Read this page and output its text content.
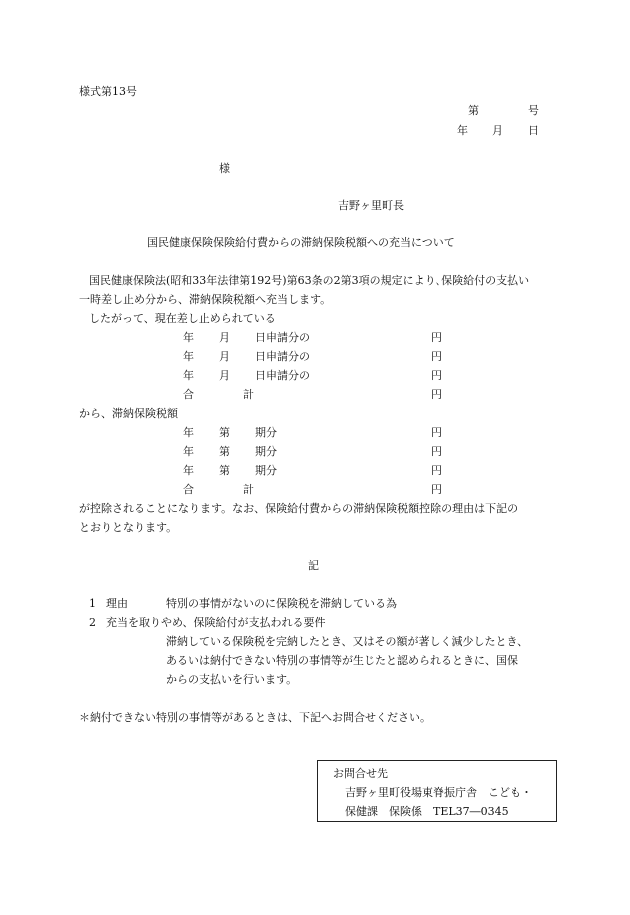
様式第13号
第	号
年 月 日
様
吉野ヶ里町長
国民健康保険保険給付費からの滞納保険税額への充当について
国民健康保険法(昭和33年法律第192号)第63条の2第3項の規定により､保険給付の支払い
一時差し止め分から、滞納保険税額へ充当します。
したがって、現在差し止められている
年 月 日申請分の	円
年 月 日申請分の	円
年 月 日申請分の	円
合	計	円
から、滞納保険税額
年 第 期分	円
年 第 期分	円
年 第 期分	円
合	計	円
が控除されることになります。なお、保険給付費からの滞納保険税額控除の理由は下記の
とおりとなります。
記
1 理由	特別の事情がないのに保険税を滞納している為
2 充当を取りやめ、保険給付が支払われる要件
滞納している保険税を完納したとき、又はその額が著しく減少したとき、
あるいは納付できない特別の事情等が生じたと認められるときに、国保
からの支払いを行います。
＊納付できない特別の事情等があるときは、下記へお問合せください。
お問合せ先
吉野ヶ里町役場東脊振庁舎　こども・
保健課　保険係　TEL37―0345
